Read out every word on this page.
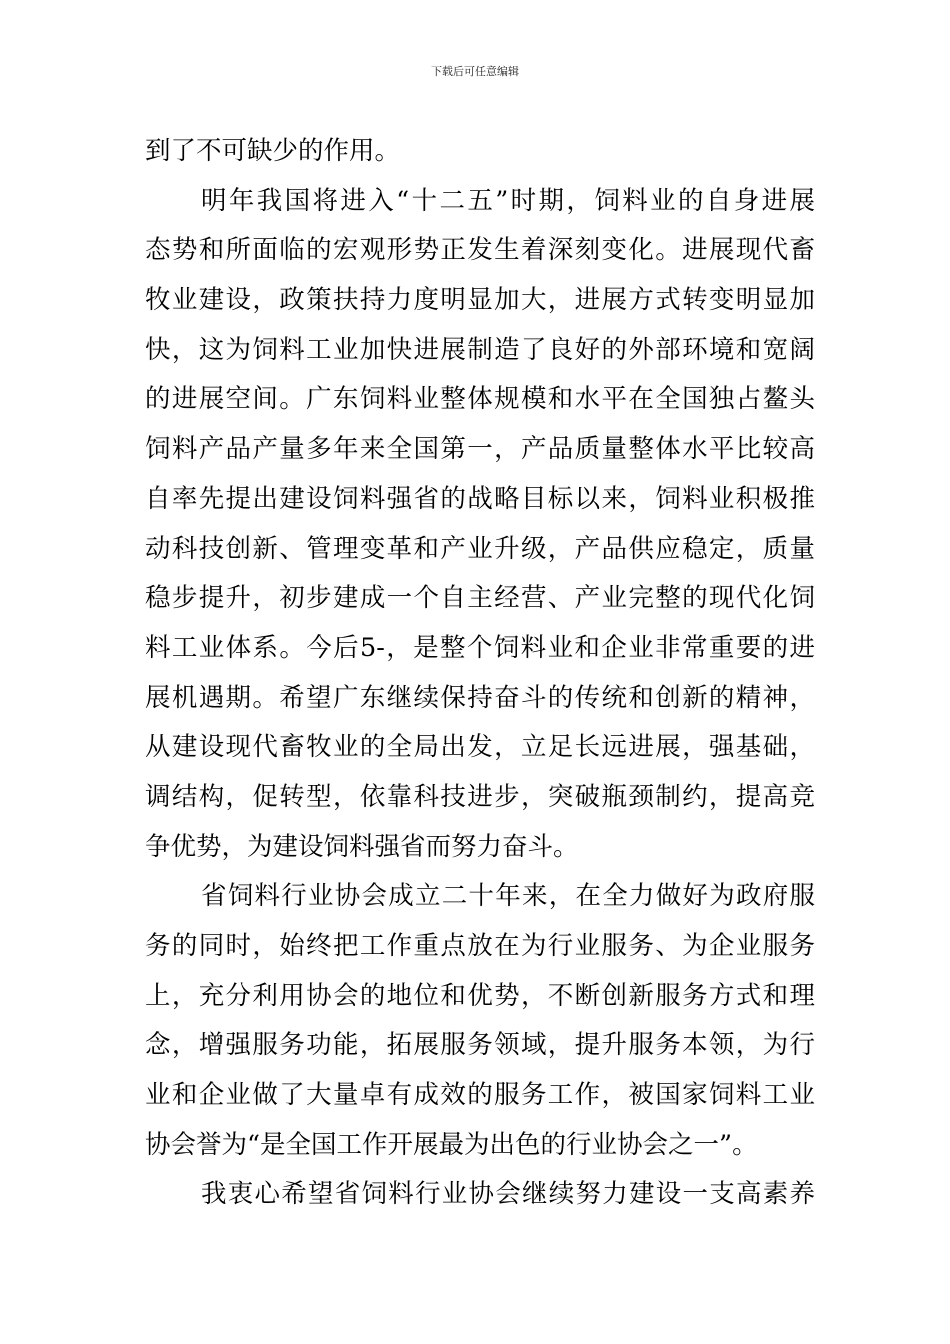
下载后可任意编辑
到了不可缺少的作用。
明年我国将进入“十二五”时期，饲料业的自身进展
态势和所面临的宏观形势正发生着深刻变化。进展现代畜
牧业建设，政策扶持力度明显加大，进展方式转变明显加
快，这为饲料工业加快进展制造了良好的外部环境和宽阔
的进展空间。广东饲料业整体规模和水平在全国独占鳌头
饲料产品产量多年来全国第一，产品质量整体水平比较高
自率先提出建设饲料强省的战略目标以来，饲料业积极推
动科技创新、管理变革和产业升级，产品供应稳定，质量
稳步提升，初步建成一个自主经营、产业完整的现代化饲
料工业体系。今后5-，是整个饲料业和企业非常重要的进
展机遇期。希望广东继续保持奋斗的传统和创新的精神，
从建设现代畜牧业的全局出发，立足长远进展，强基础，
调结构，促转型，依靠科技进步，突破瓶颈制约，提高竞
争优势，为建设饲料强省而努力奋斗。
省饲料行业协会成立二十年来，在全力做好为政府服
务的同时，始终把工作重点放在为行业服务、为企业服务
上，充分利用协会的地位和优势，不断创新服务方式和理
念，增强服务功能，拓展服务领域，提升服务本领，为行
业和企业做了大量卓有成效的服务工作，被国家饲料工业
协会誉为“是全国工作开展最为出色的行业协会之一”。
我衷心希望省饲料行业协会继续努力建设一支高素养
